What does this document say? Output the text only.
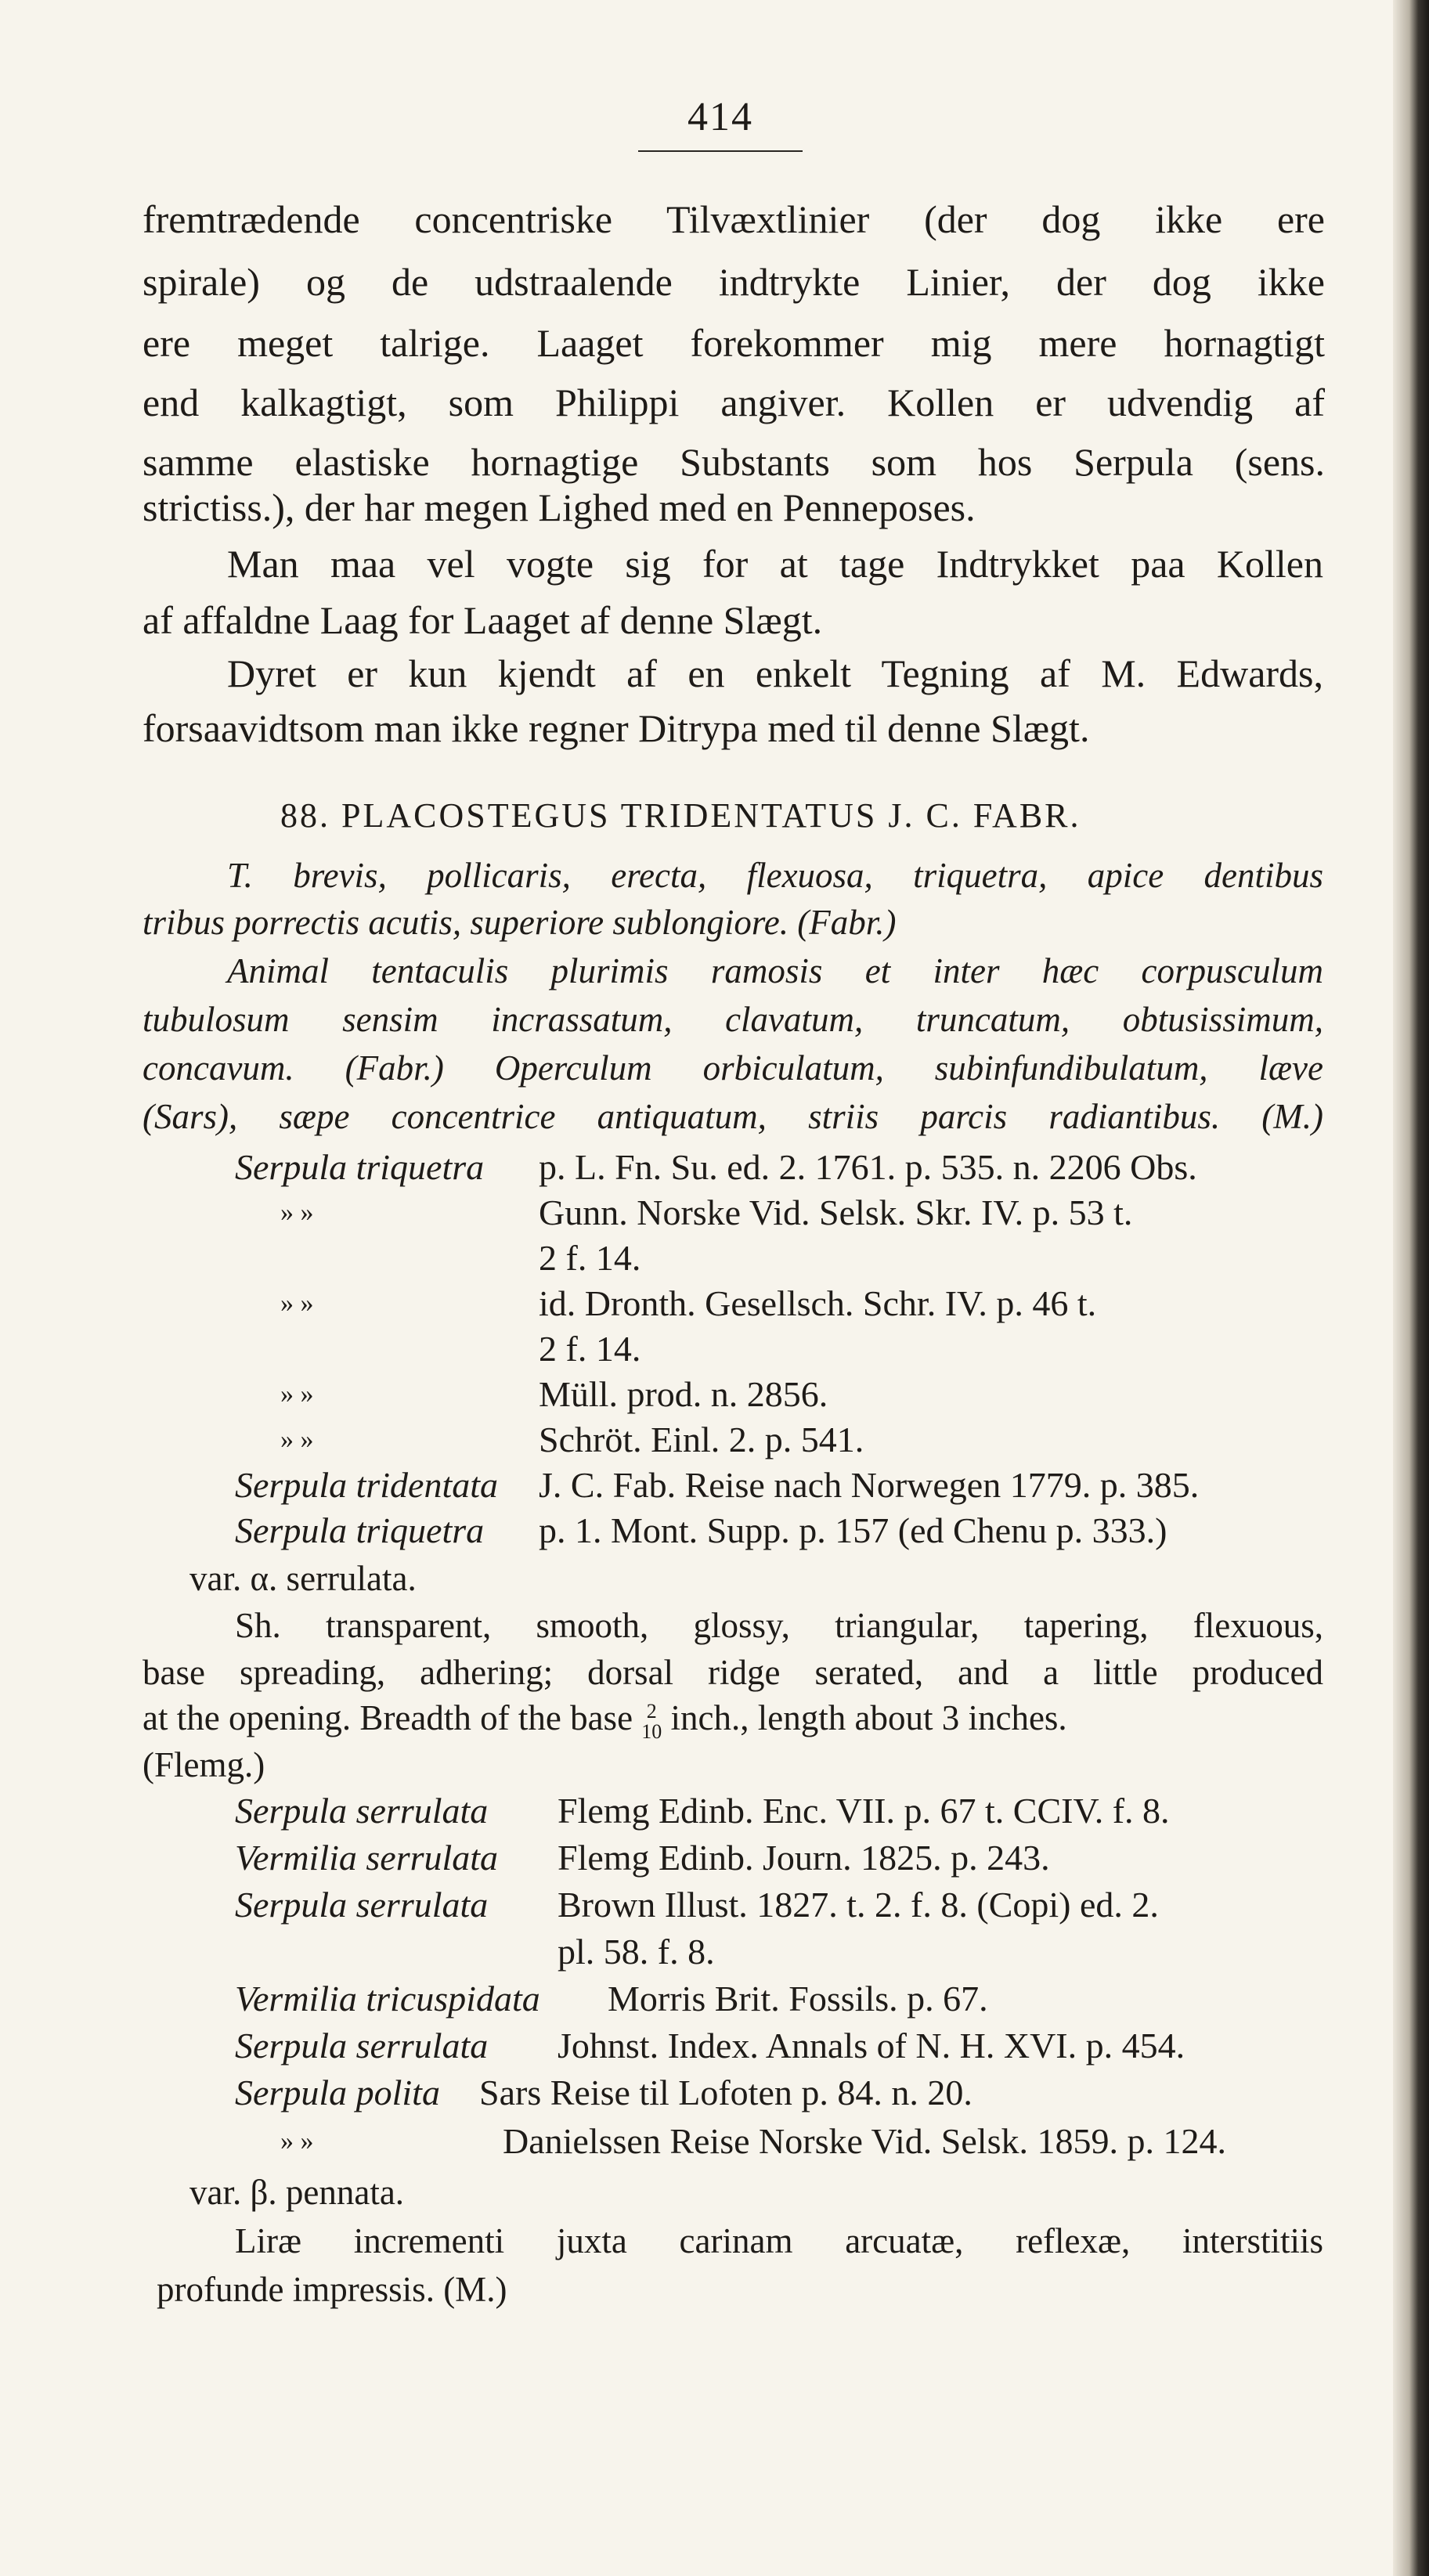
414
fremtrædende concentriske Tilvæxtlinier (der dog ikke ere
spirale) og de udstraalende indtrykte Linier, der dog ikke
ere meget talrige. Laaget forekommer mig mere hornagtigt
end kalkagtigt, som Philippi angiver. Kollen er udvendig af
samme elastiske hornagtige Substants som hos Serpula (sens.
strictiss.), der har megen Lighed med en Penneposes.
Man maa vel vogte sig for at tage Indtrykket paa Kollen
af affaldne Laag for Laaget af denne Slægt.
Dyret er kun kjendt af en enkelt Tegning af M. Edwards,
forsaavidtsom man ikke regner Ditrypa med til denne Slægt.
88. PLACOSTEGUS TRIDENTATUS J. C. FABR.
T. brevis, pollicaris, erecta, flexuosa, triquetra, apice dentibus
tribus porrectis acutis, superiore sublongiore. (Fabr.)
Animal tentaculis plurimis ramosis et inter hæc corpusculum
tubulosum sensim incrassatum, clavatum, truncatum, obtusissimum,
concavum. (Fabr.) Operculum orbiculatum, subinfundibulatum, læve
(Sars), sæpe concentrice antiquatum, striis parcis radiantibus. (M.)
Serpula triquetra p. L. Fn. Su. ed. 2. 1761. p. 535. n. 2206 Obs.
» »	Gunn. Norske Vid. Selsk. Skr. IV. p. 53 t.
2 f. 14.
» »	id. Dronth. Gesellsch. Schr. IV. p. 46 t.
2 f. 14.
» »	Müll. prod. n. 2856.
» »	Schröt. Einl. 2. p. 541.
Serpula tridentata J. C. Fab. Reise nach Norwegen 1779. p. 385.
Serpula triquetra p. 1. Mont. Supp. p. 157 (ed Chenu p. 333.)
var. α. serrulata.
Sh. transparent, smooth, glossy, triangular, tapering, flexuous,
base spreading, adhering; dorsal ridge serated, and a little produced
at the opening. Breadth of the base 2
10 inch., length about 3 inches.
(Flemg.)
Serpula serrulata Flemg Edinb. Enc. VII. p. 67 t. CCIV. f. 8.
Vermilia serrulata Flemg Edinb. Journ. 1825. p. 243.
Serpula serrulata Brown Illust. 1827. t. 2. f. 8. (Copi) ed. 2.
pl. 58. f. 8.
Vermilia tricuspidata Morris Brit. Fossils. p. 67.
Serpula serrulata Johnst. Index. Annals of N. H. XVI. p. 454.
Serpula polita Sars Reise til Lofoten p. 84. n. 20.
» »	Danielssen Reise Norske Vid. Selsk. 1859. p. 124.
var. β. pennata.
Liræ incrementi juxta carinam arcuatæ, reflexæ, interstitiis
profunde impressis. (M.)
